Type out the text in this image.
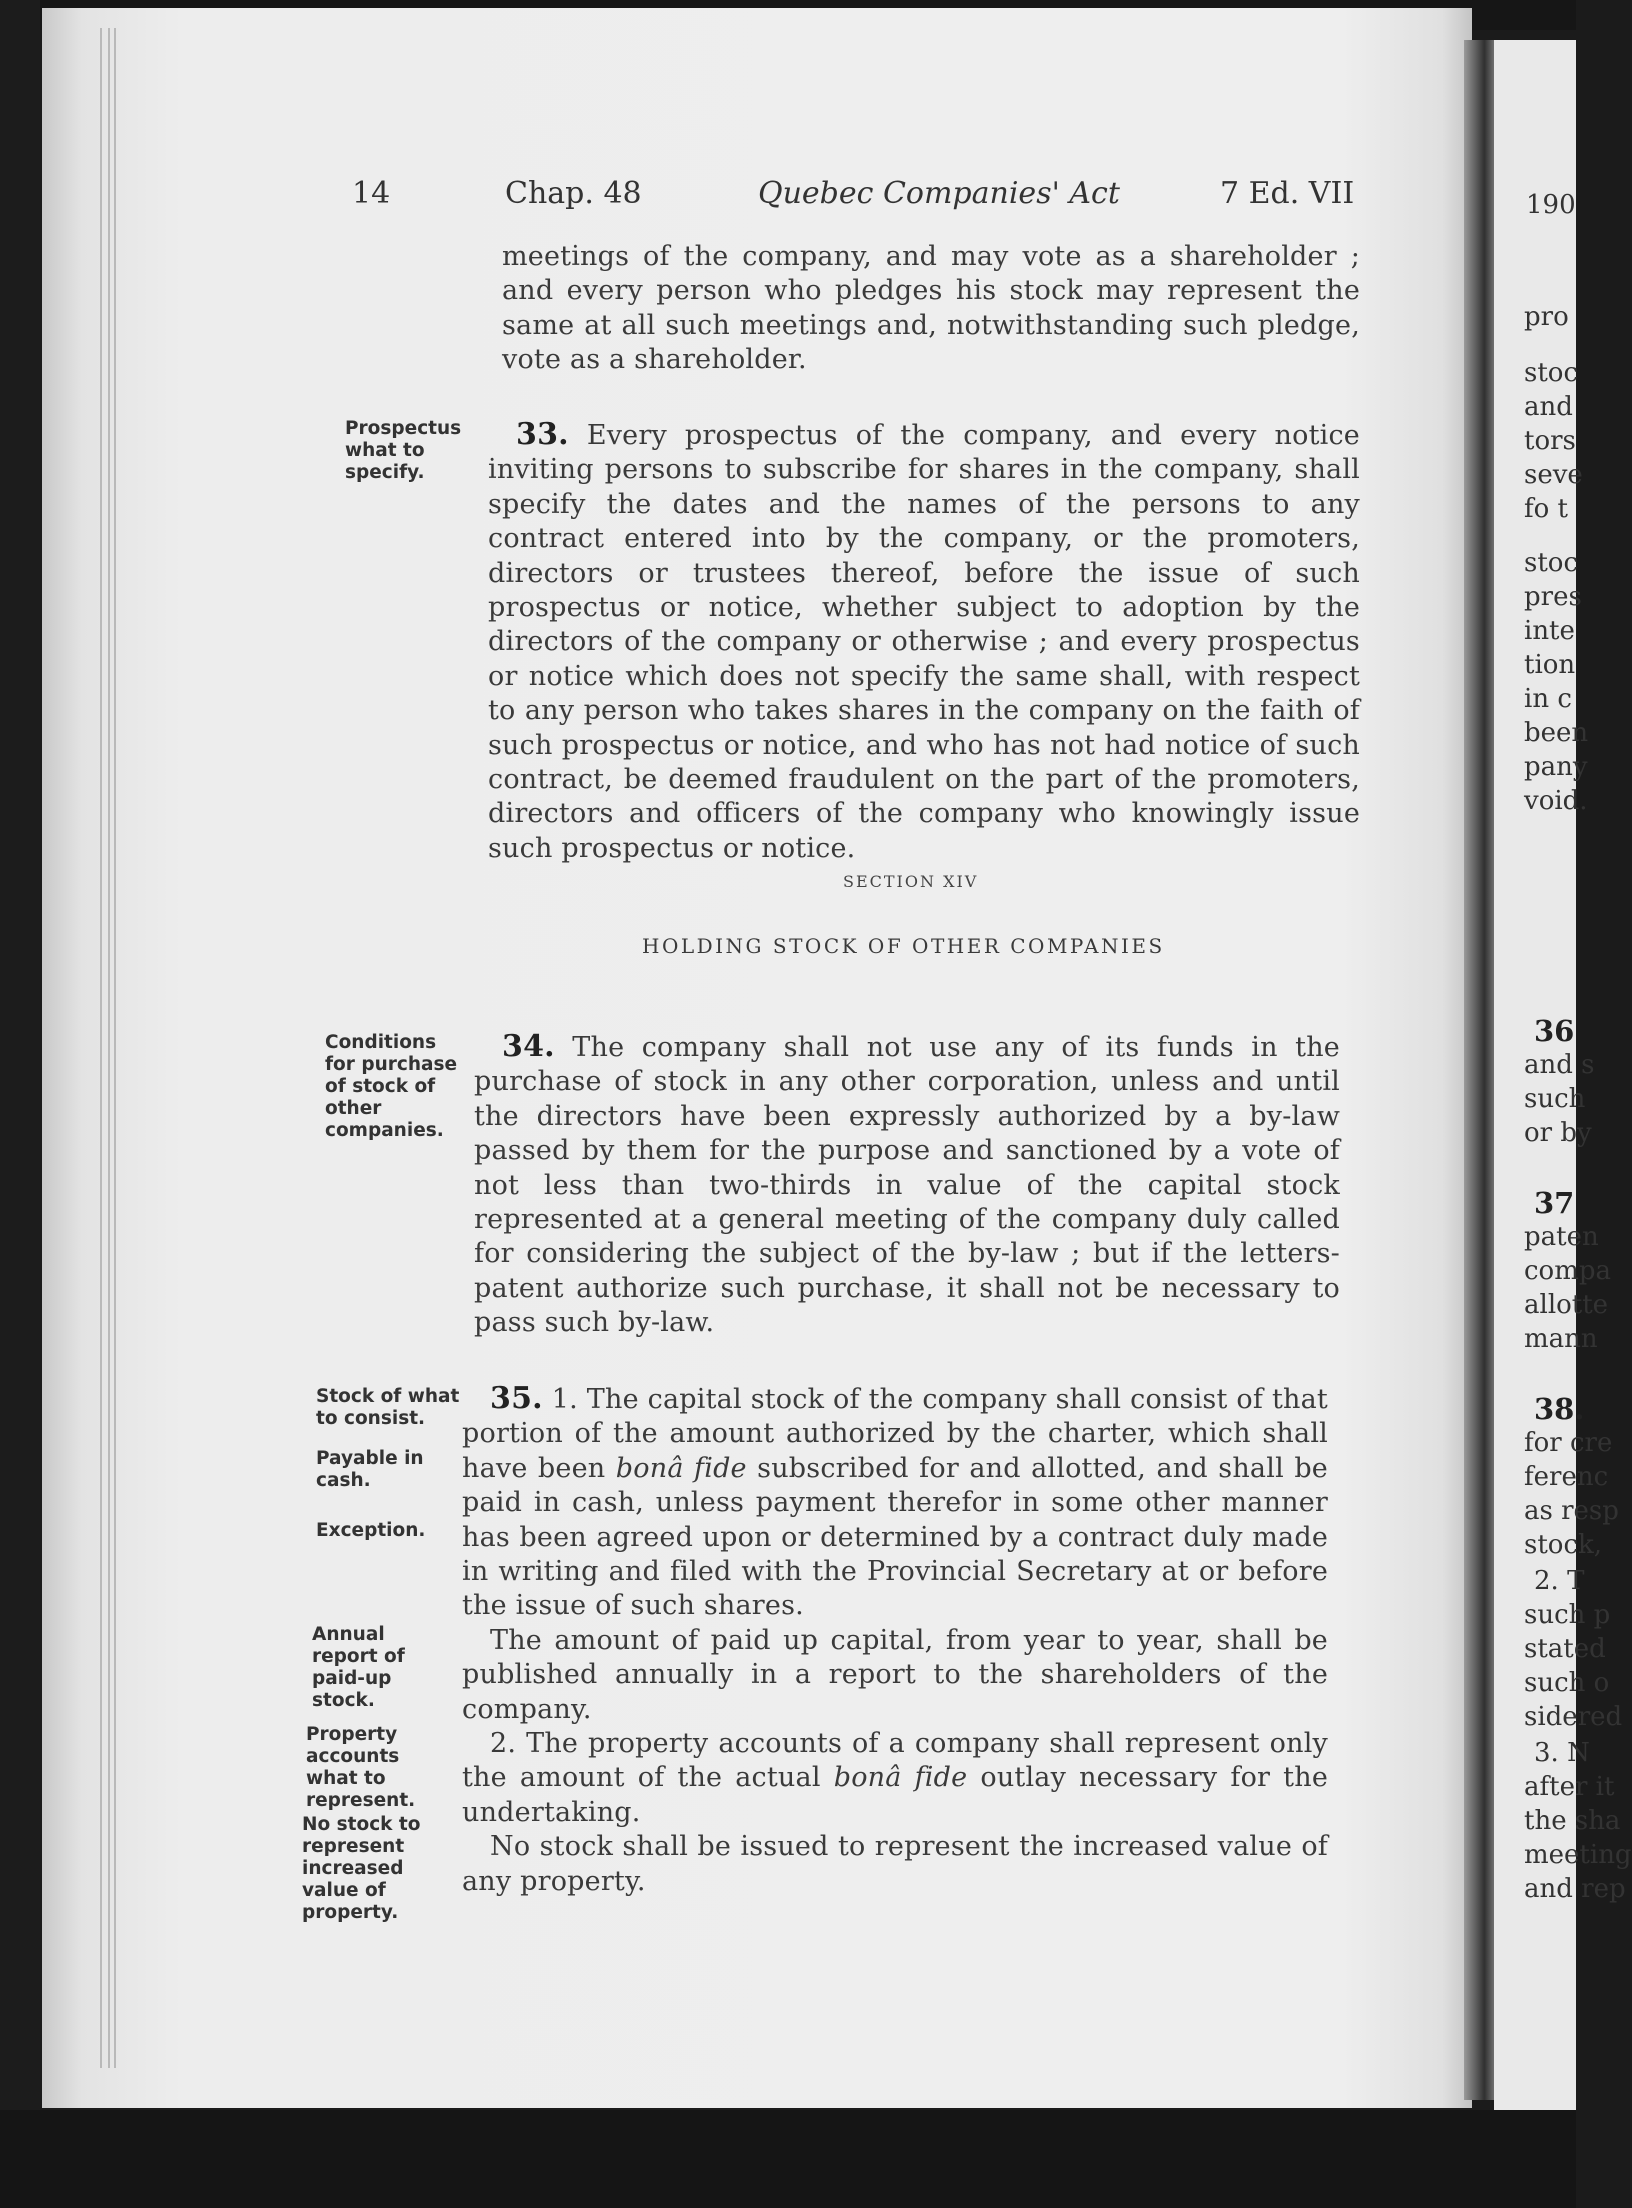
190
pro
stoc
and
tors
seve
fo t
stoc
pres
inte
tion
in c
been
pany
void.
36
and s
such
or by
37
paten
compa
allotte
mann
38.
for cre
ferenc
as resp
stock,
2. T
such p
stated
such o
sidered
3. N
after it
the sha
meeting
and rep
14	Chap. 48	Quebec Companies' Act	7 Ed. VII

meetings of the company, and may vote as a shareholder ; and every person who pledges his stock may represent the same at all such meetings and, notwithstanding such pledge, vote as a shareholder.

Prospectus what to specify.

33. Every prospectus of the company, and every notice inviting persons to subscribe for shares in the company, shall specify the dates and the names of the persons to any contract entered into by the company, or the promoters, directors or trustees thereof, before the issue of such prospectus or notice, whether subject to adoption by the directors of the company or otherwise ; and every prospectus or notice which does not specify the same shall, with respect to any person who takes shares in the company on the faith of such prospectus or notice, and who has not had notice of such contract, be deemed fraudulent on the part of the promoters, directors and officers of the company who knowingly issue such prospectus or notice.

SECTION XIV
HOLDING STOCK OF OTHER COMPANIES
Conditions for purchase of stock of other companies.

34. The company shall not use any of its funds in the purchase of stock in any other corporation, unless and until the directors have been expressly authorized by a by-law passed by them for the purpose and sanctioned by a vote of not less than two-thirds in value of the capital stock represented at a general meeting of the company duly called for considering the subject of the by-law ; but if the letters-patent authorize such purchase, it shall not be necessary to pass such by-law.

Stock of what to consist.
Payable in cash.
Exception.
Annual report of paid-up stock.
Property accounts what to represent.
No stock to represent increased value of property.

35. 1. The capital stock of the company shall consist of that portion of the amount authorized by the charter, which shall have been bonâ fide subscribed for and allotted, and shall be paid in cash, unless payment therefor in some other manner has been agreed upon or determined by a contract duly made in writing and filed with the Provincial Secretary at or before the issue of such shares.

The amount of paid up capital, from year to year, shall be published annually in a report to the shareholders of the company.

2. The property accounts of a company shall represent only the amount of the actual bonâ fide outlay necessary for the undertaking.

No stock shall be issued to represent the increased value of any property.
